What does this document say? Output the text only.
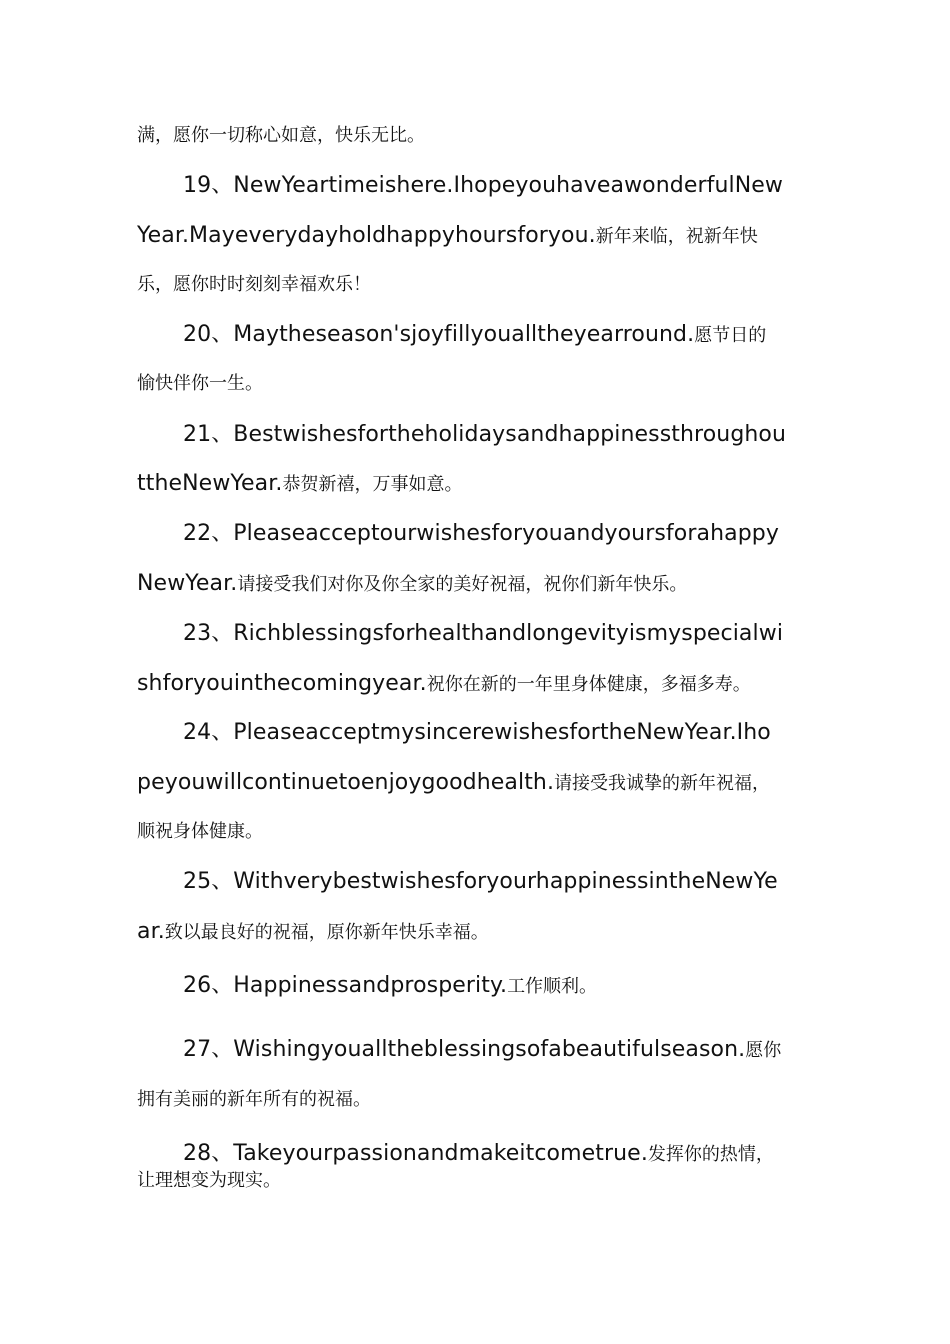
满，愿你一切称心如意，快乐无比。
19、NewYeartimeishere.IhopeyouhaveawonderfulNew
Year.Mayeverydayholdhappyhoursforyou.新年来临，祝新年快
乐，愿你时时刻刻幸福欢乐！
20、Maytheseason'sjoyfillyoualltheyearround.愿节日的
愉快伴你一生。
21、Bestwishesfortheholidaysandhappinessthroughou
ttheNewYear.恭贺新禧，万事如意。
22、Pleaseacceptourwishesforyouandyoursforahappy
NewYear.请接受我们对你及你全家的美好祝福，祝你们新年快乐。
23、Richblessingsforhealthandlongevityismyspecialwi
shforyouinthecomingyear.祝你在新的一年里身体健康，多福多寿。
24、PleaseacceptmysincerewishesfortheNewYear.Iho
peyouwillcontinuetoenjoygoodhealth.请接受我诚挚的新年祝福，
顺祝身体健康。
25、WithverybestwishesforyourhappinessintheNewYe
ar.致以最良好的祝福，原你新年快乐幸福。
26、Happinessandprosperity.工作顺利。
27、Wishingyoualltheblessingsofabeautifulseason.愿你
拥有美丽的新年所有的祝福。
28、Takeyourpassionandmakeitcometrue.发挥你的热情，
让理想变为现实。
